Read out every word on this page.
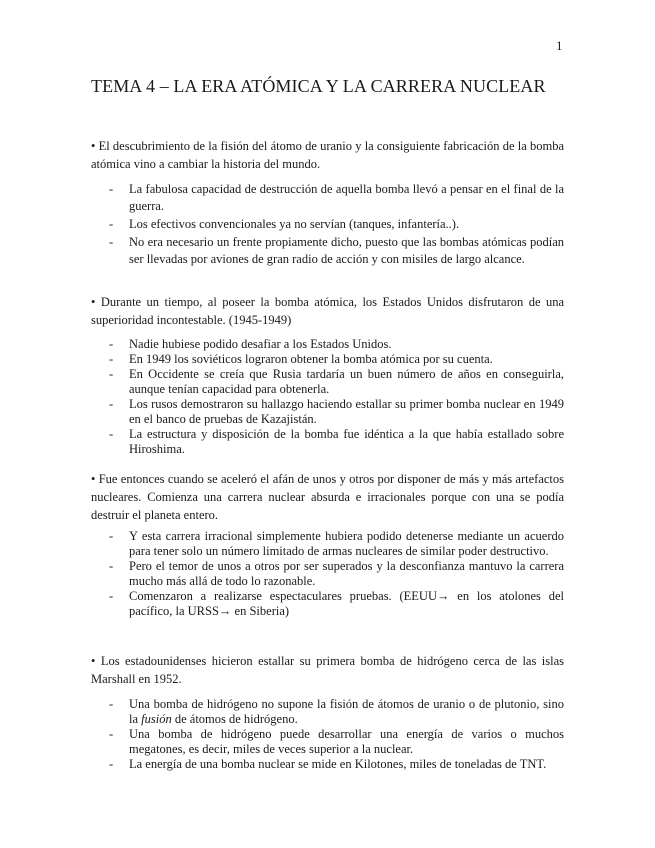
1
TEMA 4 – LA ERA ATÓMICA Y LA CARRERA NUCLEAR

• El descubrimiento de la fisión del átomo de uranio y la consiguiente fabricación de la bomba atómica vino a cambiar la historia del mundo.

- La fabulosa capacidad de destrucción de aquella bomba llevó a pensar en el final de la guerra.
- Los efectivos convencionales ya no servían (tanques, infantería..).
- No era necesario un frente propiamente dicho, puesto que las bombas atómicas podían ser llevadas por aviones de gran radio de acción y con misiles de largo alcance.

• Durante un tiempo, al poseer la bomba atómica, los Estados Unidos disfrutaron de una superioridad incontestable. (1945-1949)

- Nadie hubiese podido desafiar a los Estados Unidos.
- En 1949 los soviéticos lograron obtener la bomba atómica por su cuenta.
- En Occidente se creía que Rusia tardaría un buen número de años en conseguirla, aunque tenían capacidad para obtenerla.
- Los rusos demostraron su hallazgo haciendo estallar su primer bomba nuclear en 1949 en el banco de pruebas de Kazajistán.
- La estructura y disposición de la bomba fue idéntica a la que había estallado sobre Hiroshima.

• Fue entonces cuando se aceleró el afán de unos y otros por disponer de más y más artefactos nucleares. Comienza una carrera nuclear absurda e irracionales porque con una se podía destruir el planeta entero.

- Y esta carrera irracional simplemente hubiera podido detenerse mediante un acuerdo para tener solo un número limitado de armas nucleares de similar poder destructivo.
- Pero el temor de unos a otros por ser superados y la desconfianza mantuvo la carrera mucho más allá de todo lo razonable.
- Comenzaron a realizarse espectaculares pruebas. (EEUU→ en los atolones del pacífico, la URSS→ en Siberia)

• Los estadounidenses hicieron estallar su primera bomba de hidrógeno cerca de las islas Marshall en 1952.

- Una bomba de hidrógeno no supone la fisión de átomos de uranio o de plutonio, sino la fusión de átomos de hidrógeno.
- Una bomba de hidrógeno puede desarrollar una energía de varios o muchos megatones, es decir, miles de veces superior a la nuclear.
- La energía de una bomba nuclear se mide en Kilotones, miles de toneladas de TNT.
